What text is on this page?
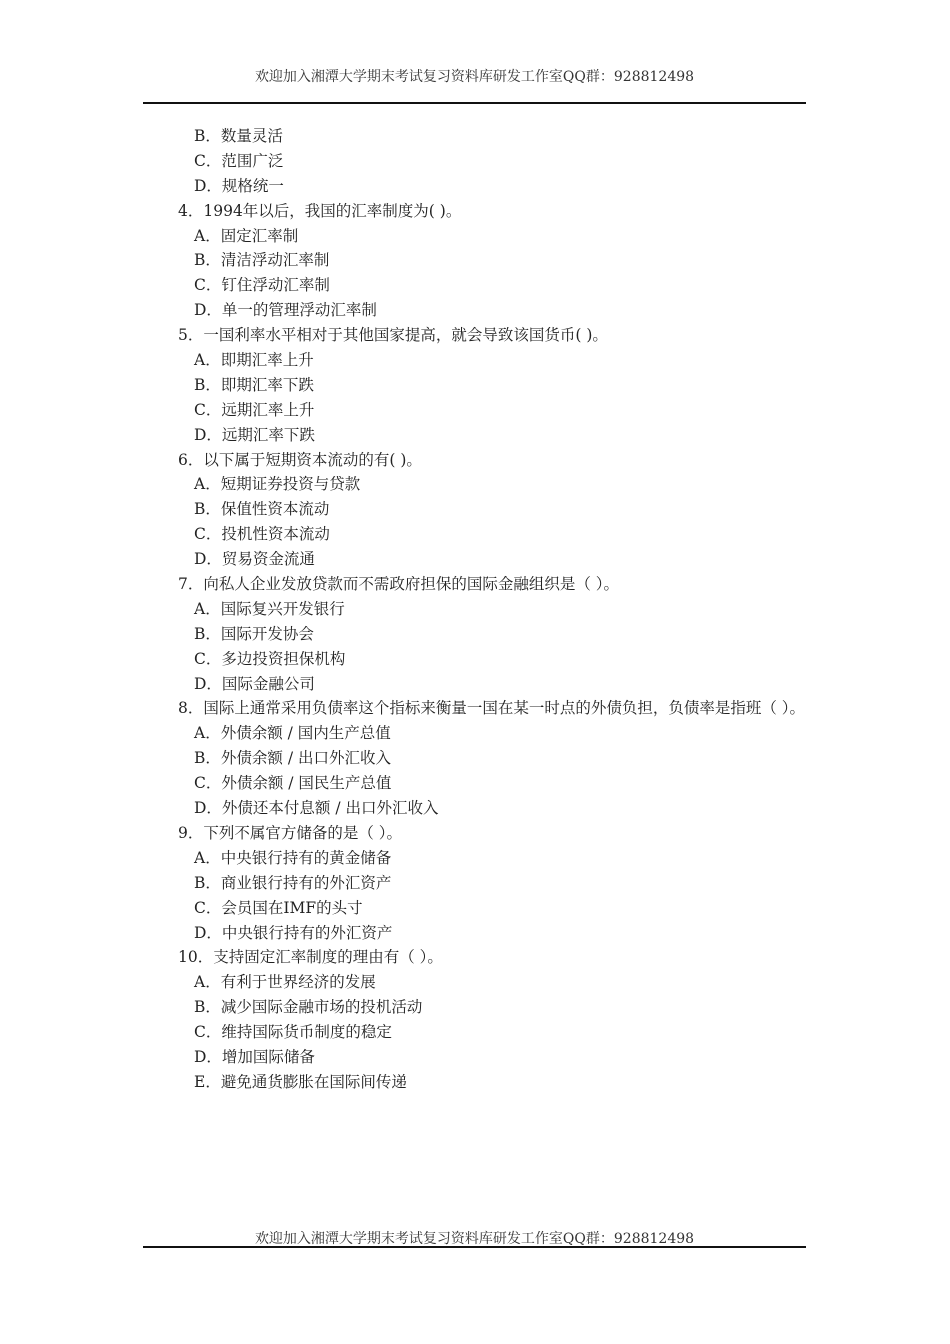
欢迎加入湘潭大学期末考试复习资料库研发工作室QQ群：928812498
B．数量灵活
C．范围广泛
D．规格统一
4．1994年以后，我国的汇率制度为( )。
A．固定汇率制
B．清洁浮动汇率制
C．钉住浮动汇率制
D．单一的管理浮动汇率制
5．一国利率水平相对于其他国家提高，就会导致该国货币( )。
A．即期汇率上升
B．即期汇率下跌
C．远期汇率上升
D．远期汇率下跌
6．以下属于短期资本流动的有( )。
A．短期证券投资与贷款
B．保值性资本流动
C．投机性资本流动
D．贸易资金流通
7．向私人企业发放贷款而不需政府担保的国际金融组织是（ ）。
A．国际复兴开发银行
B．国际开发协会
C．多边投资担保机构
D．国际金融公司
8．国际上通常采用负债率这个指标来衡量一国在某一时点的外债负担，负债率是指班（ ）。
A．外债余额 / 国内生产总值
B．外债余额 / 出口外汇收入
C．外债余额 / 国民生产总值
D．外债还本付息额 / 出口外汇收入
9．下列不属官方储备的是（ ）。
A．中央银行持有的黄金储备
B．商业银行持有的外汇资产
C．会员国在IMF的头寸
D．中央银行持有的外汇资产
10．支持固定汇率制度的理由有（ ）。
A．有利于世界经济的发展
B．减少国际金融市场的投机活动
C．维持国际货币制度的稳定
D．增加国际储备
E．避免通货膨胀在国际间传递
欢迎加入湘潭大学期末考试复习资料库研发工作室QQ群：928812498
